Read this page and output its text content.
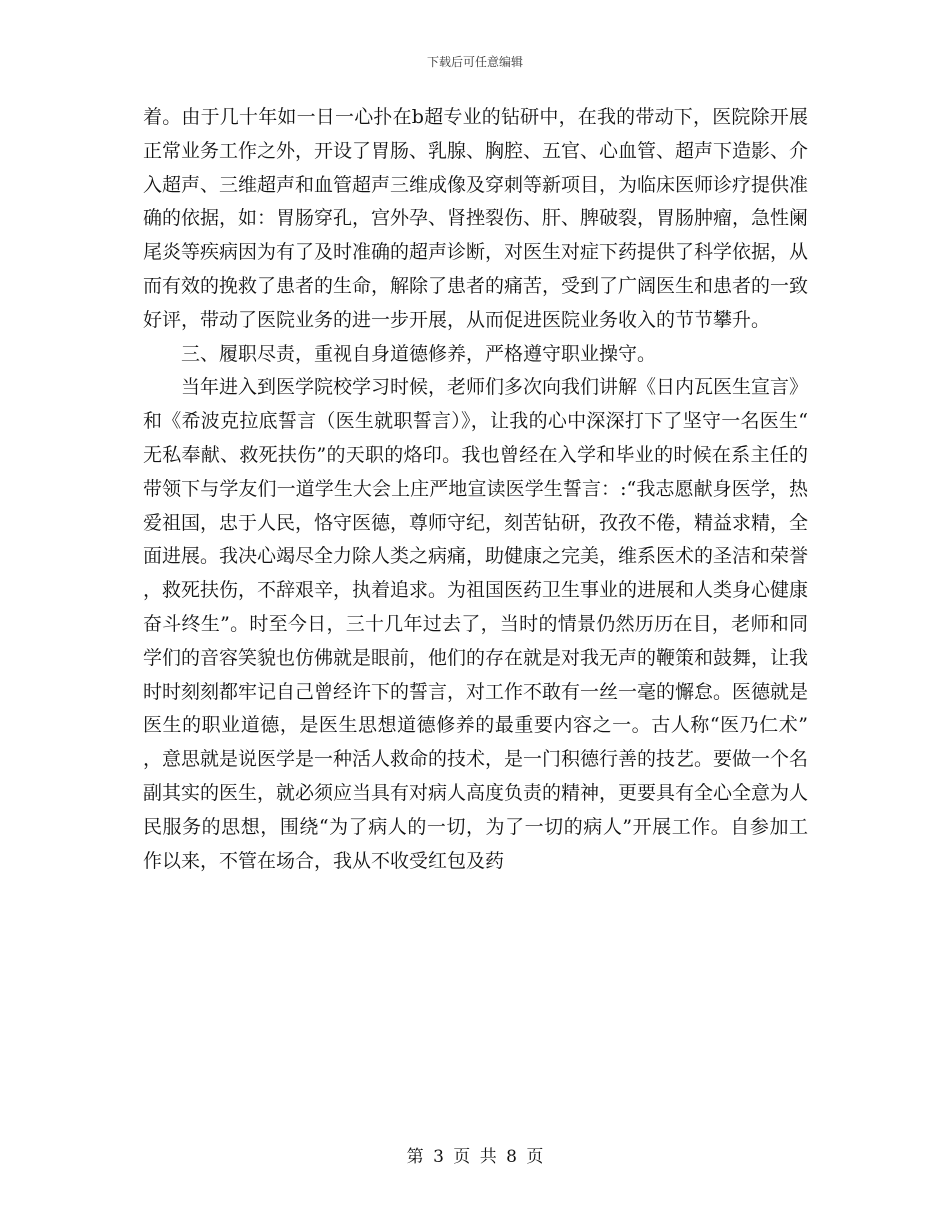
下载后可任意编辑

着。由于几十年如一日一心扑在b超专业的钻研中，在我的带动下，医院除开展正常业务工作之外，开设了胃肠、乳腺、胸腔、五官、心血管、超声下造影、介入超声、三维超声和血管超声三维成像及穿刺等新项目，为临床医师诊疗提供准确的依据，如：胃肠穿孔，宫外孕、肾挫裂伤、肝、脾破裂，胃肠肿瘤，急性阑尾炎等疾病因为有了及时准确的超声诊断，对医生对症下药提供了科学依据，从而有效的挽救了患者的生命，解除了患者的痛苦，受到了广阔医生和患者的一致好评，带动了医院业务的进一步开展，从而促进医院业务收入的节节攀升。

三、履职尽责，重视自身道德修养，严格遵守职业操守。

当年进入到医学院校学习时候，老师们多次向我们讲解《日内瓦医生宣言》和《希波克拉底誓言（医生就职誓言）》，让我的心中深深打下了坚守一名医生“无私奉献、救死扶伤”的天职的烙印。我也曾经在入学和毕业的时候在系主任的带领下与学友们一道学生大会上庄严地宣读医学生誓言：:“我志愿献身医学，热爱祖国，忠于人民，恪守医德，尊师守纪，刻苦钻研，孜孜不倦，精益求精，全面进展。我决心竭尽全力除人类之病痛，助健康之完美，维系医术的圣洁和荣誉，救死扶伤，不辞艰辛，执着追求。为祖国医药卫生事业的进展和人类身心健康奋斗终生”。时至今日，三十几年过去了，当时的情景仍然历历在目，老师和同学们的音容笑貌也仿佛就是眼前，他们的存在就是对我无声的鞭策和鼓舞，让我时时刻刻都牢记自己曾经许下的誓言，对工作不敢有一丝一毫的懈怠。医德就是医生的职业道德，是医生思想道德修养的最重要内容之一。古人称“医乃仁术”，意思就是说医学是一种活人救命的技术，是一门积德行善的技艺。要做一个名副其实的医生，就必须应当具有对病人高度负责的精神，更要具有全心全意为人民服务的思想，围绕“为了病人的一切，为了一切的病人”开展工作。自参加工作以来，不管在场合，我从不收受红包及药

第 3 页 共 8 页
